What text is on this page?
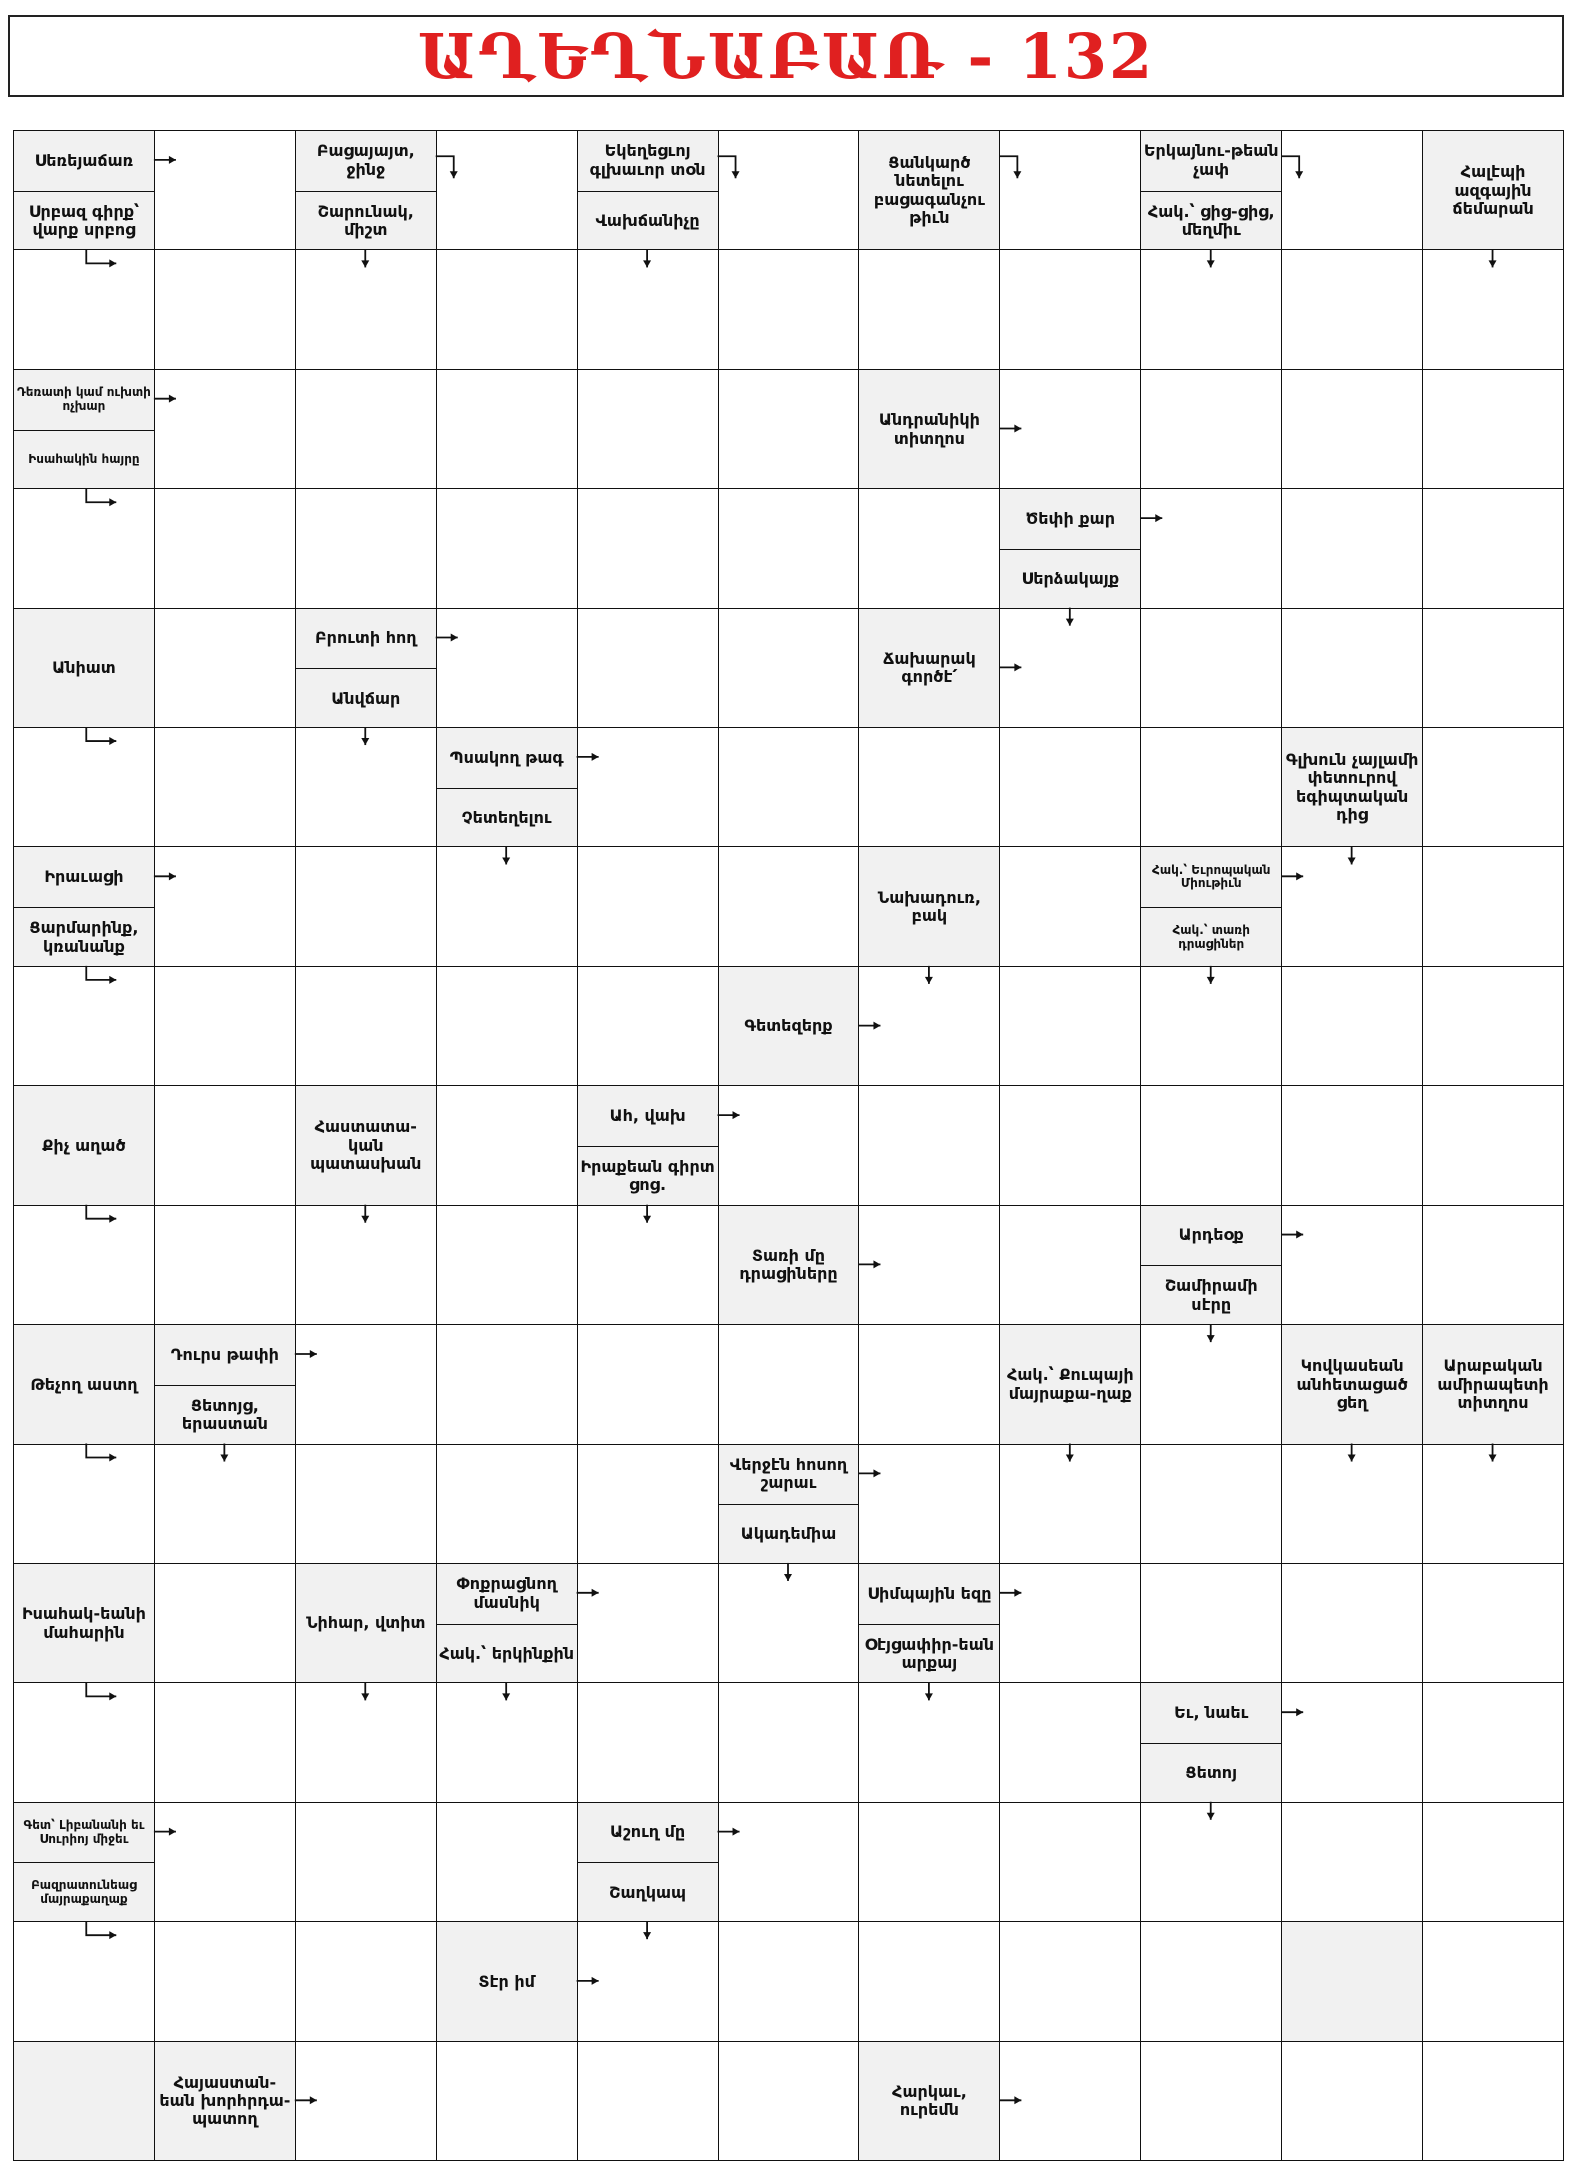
ԱՂԵՂՆԱԲԱՌ - 132
Սեռեյաճառ
Սրբազ գիրք՝ վարք սրբոց
Բացայայտ, ջինջ
Շարունակ, միշտ
Եկեղեցւոյ գլխաւոր տօն
Վախճանիչը
Ցանկարծ նետելու բացագանչու թիւն
Երկայնու-թեան չափ
Հակ.՝ ցից-ցից, մեղմիւ
Հալէպի ազգային ճեմարան
Դեռատի կամ ուխտի ոչխար
Իսահակին հայրը
Անդրանիկի տիտղոս
Ծեփի քար
Սերձակայք
Անիատ
Բրուտի հող
Անվճար
Ճախարակ գործէ՛
Պսակող թագ
Չետեղելու
Գլխուն չայլամի փետուրով եգիպտական դից
Իրաւացի
Ցարմարինք, կռանանք
Նախադուռ, բակ
Հակ.՝ Եւրոպական Միութիւն
Հակ.՝ տառի դրացիներ
Գետեզերք
Քիչ աղած
Հաստատա-կան պատասխան
Ահ, վախ
Իրաքեան գիրտ ցոց.
Տառի մը դրացիները
Արդեօք
Շամիրամի սէրը
Թեչող աստղ
Դուրս թափի
Ցետոյց, երաստան
Հակ.՝ Քուպայի մայրաքա-ղաք
Կովկասեան անհետացած ցեղ
Արաբական ամիրապետի տիտղոս
Վերջէն հոսող շարաւ
Ակադեմիա
Իսահակ-եանի մահարին	Նիհար, վտիտ
Փոքրացնող մասնիկ
Հակ.՝ երկինքին
Սիմպային եզը
Օէյցափիր-եան արքայ
Եւ, նաեւ
Ցետոյ
Գետ՝ Լիբանանի եւ Սուրիոյ միջեւ
Բազրատունեաց մայրաքաղաք
Աշուղ մը
Շաղկապ
Տէր իմ
Հայաստան-եան խորհրդա-պատող
Հարկաւ, ուրեմն
